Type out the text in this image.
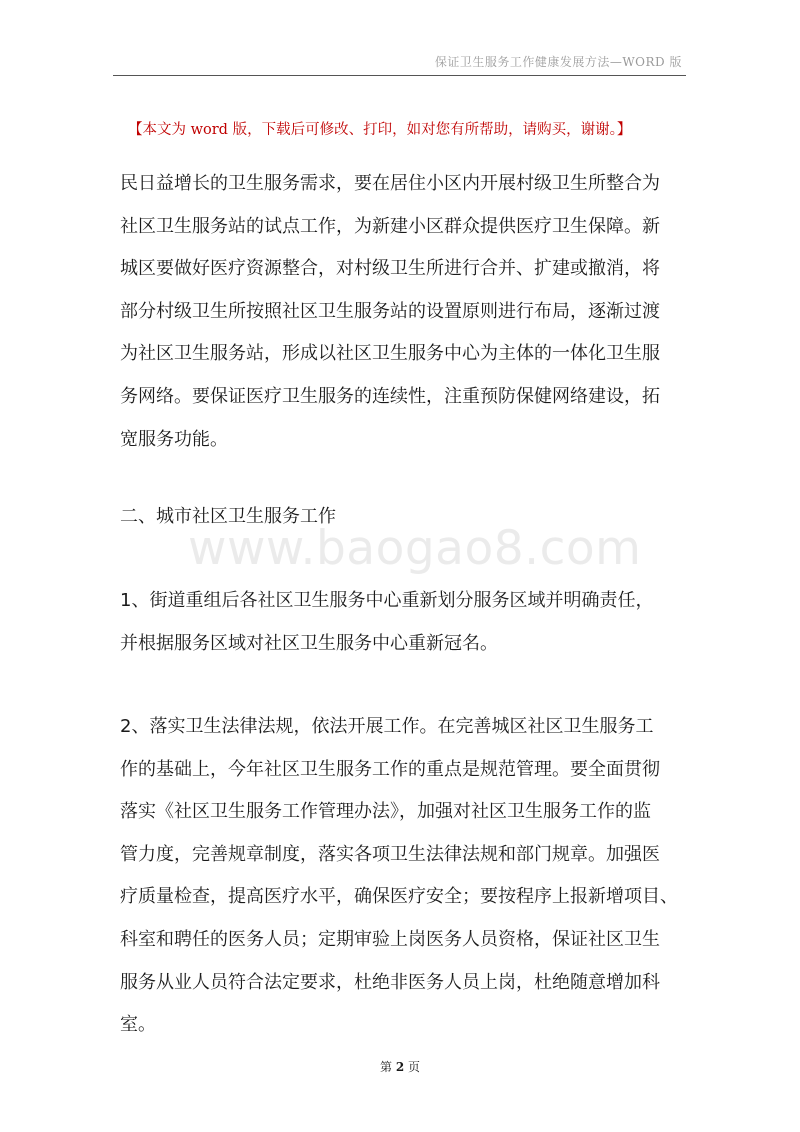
保证卫生服务工作健康发展方法—WORD 版
【本文为 word 版，下载后可修改、打印，如对您有所帮助，请购买，谢谢。】
www.baogao8.com
民日益增长的卫生服务需求，要在居住小区内开展村级卫生所整合为
社区卫生服务站的试点工作，为新建小区群众提供医疗卫生保障。新
城区要做好医疗资源整合，对村级卫生所进行合并、扩建或撤消，将
部分村级卫生所按照社区卫生服务站的设置原则进行布局，逐渐过渡
为社区卫生服务站，形成以社区卫生服务中心为主体的一体化卫生服
务网络。要保证医疗卫生服务的连续性，注重预防保健网络建设，拓
宽服务功能。
二、城市社区卫生服务工作
1、街道重组后各社区卫生服务中心重新划分服务区域并明确责任，
并根据服务区域对社区卫生服务中心重新冠名。
2、落实卫生法律法规，依法开展工作。在完善城区社区卫生服务工
作的基础上，今年社区卫生服务工作的重点是规范管理。要全面贯彻
落实《社区卫生服务工作管理办法》，加强对社区卫生服务工作的监
管力度，完善规章制度，落实各项卫生法律法规和部门规章。加强医
疗质量检查，提高医疗水平，确保医疗安全；要按程序上报新增项目、
科室和聘任的医务人员；定期审验上岗医务人员资格，保证社区卫生
服务从业人员符合法定要求，杜绝非医务人员上岗，杜绝随意增加科
室。
第 2 页
